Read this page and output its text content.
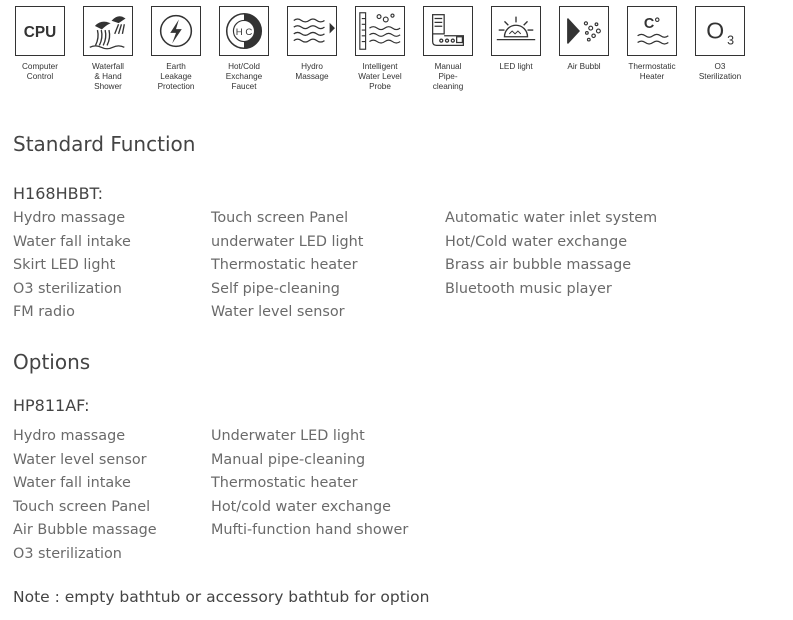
CPU
Computer
Control
Waterfall
& Hand
Shower
Earth
Leakage
Protection
H C
Hot/Cold
Exchange
Faucet
Hydro
Massage
Intelligent
Water Level
Probe
Manual
Pipe-
cleaning
LED light	Air Bubbl
C°
Thermostatic
Heater
O 3
O3
Sterilization
Standard Function
H168HBBT:
Hydro massage
Water fall intake
Skirt LED light
O3 sterilization
FM radio
Touch screen Panel
underwater LED light
Thermostatic heater
Self pipe-cleaning
Water level sensor
Automatic water inlet system
Hot/Cold water exchange
Brass air bubble massage
Bluetooth music player
Options
HP811AF:
Hydro massage
Water level sensor
Water fall intake
Touch screen Panel
Air Bubble massage
O3 sterilization
Underwater LED light
Manual pipe-cleaning
Thermostatic heater
Hot/cold water exchange
Mufti-function hand shower

Note : empty bathtub or accessory bathtub for option
